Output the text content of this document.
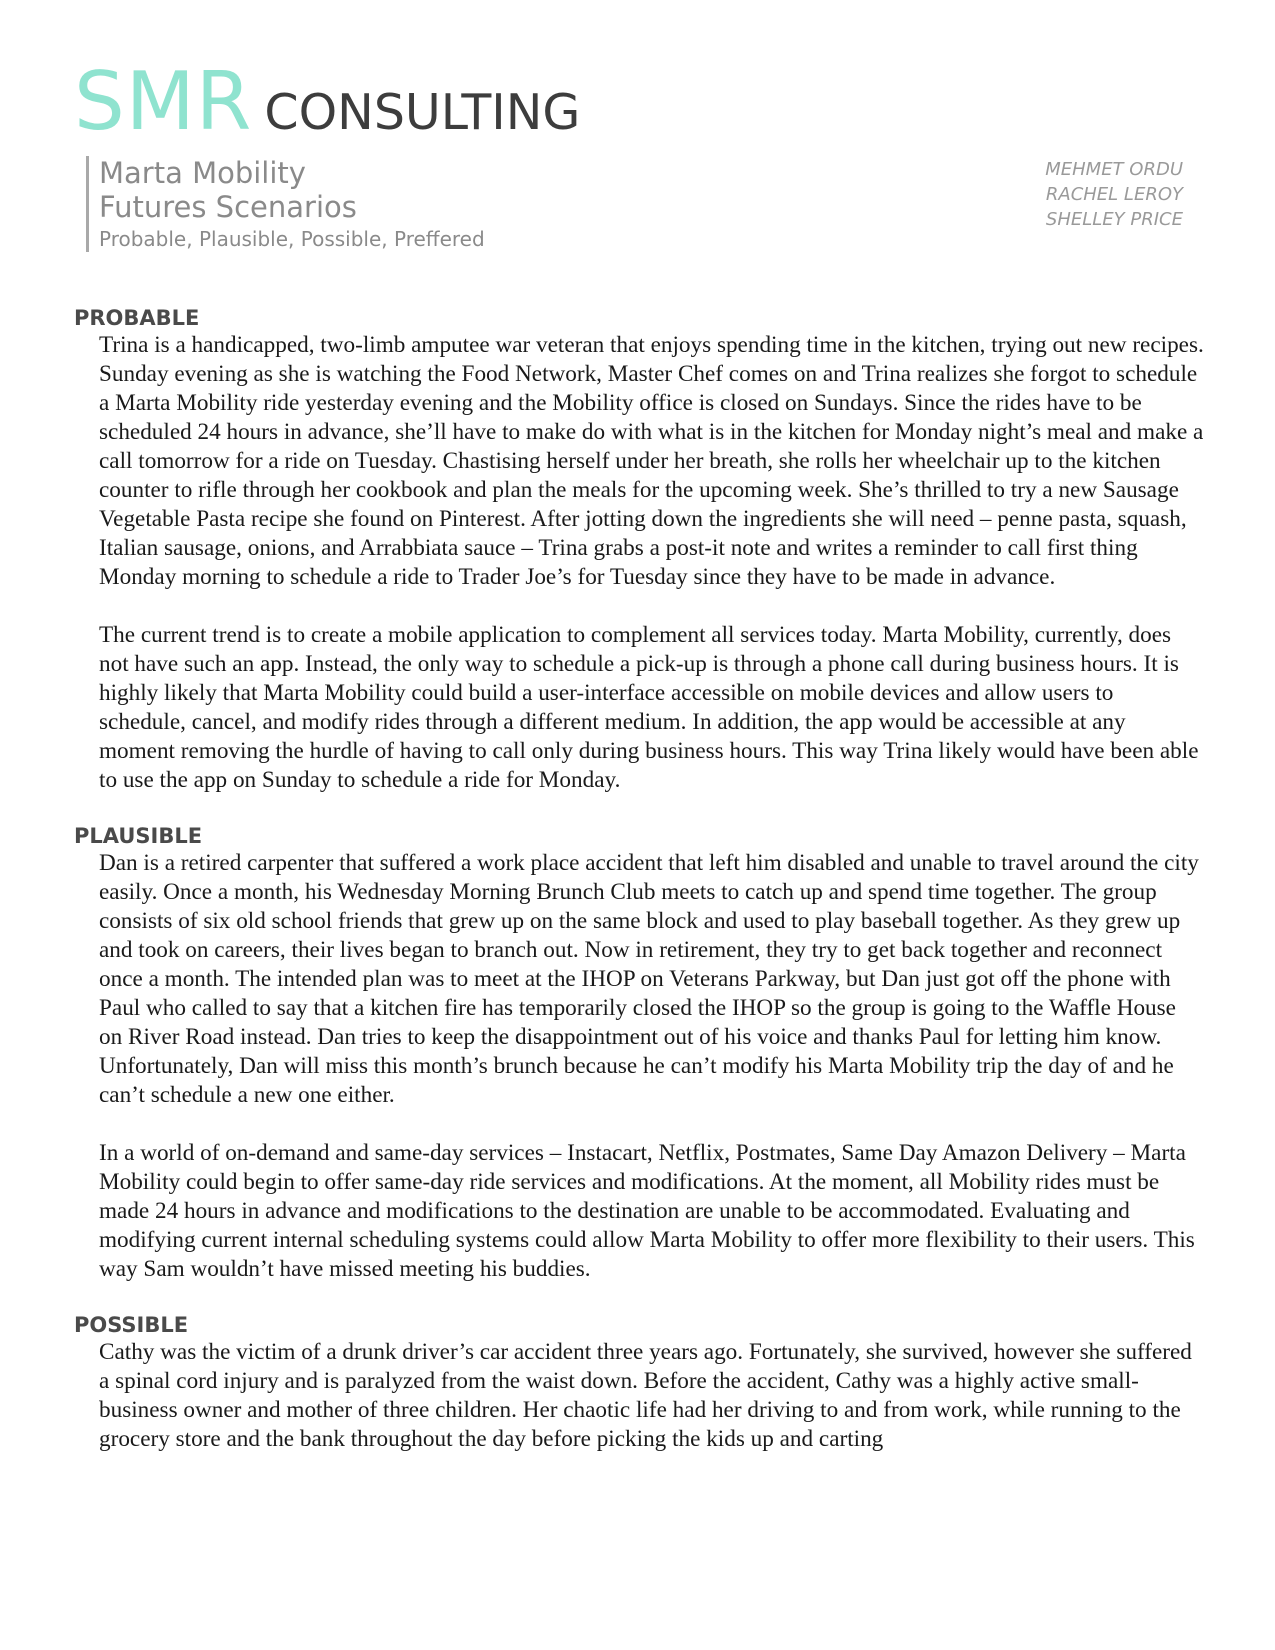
SMR CONSULTING
Marta Mobility
Futures Scenarios
Probable, Plausible, Possible, Preffered
MEHMET ORDU
RACHEL LEROY
SHELLEY PRICE
PROBABLE

Trina is a handicapped, two-limb amputee war veteran that enjoys spending time in the kitchen, trying out new recipes. Sunday evening as she is watching the Food Network, Master Chef comes on and Trina realizes she forgot to schedule a Marta Mobility ride yesterday evening and the Mobility office is closed on Sundays. Since the rides have to be scheduled 24 hours in advance, she’ll have to make do with what is in the kitchen for Monday night’s meal and make a call tomorrow for a ride on Tuesday. Chastising herself under her breath, she rolls her wheelchair up to the kitchen counter to rifle through her cookbook and plan the meals for the upcoming week. She’s thrilled to try a new Sausage Vegetable Pasta recipe she found on Pinterest. After jotting down the ingredients she will need – penne pasta, squash, Italian sausage, onions, and Arrabbiata sauce – Trina grabs a post-it note and writes a reminder to call first thing Monday morning to schedule a ride to Trader Joe’s for Tuesday since they have to be made in advance.

The current trend is to create a mobile application to complement all services today. Marta Mobility, currently, does not have such an app. Instead, the only way to schedule a pick-up is through a phone call during business hours. It is highly likely that Marta Mobility could build a user-interface accessible on mobile devices and allow users to schedule, cancel, and modify rides through a different medium. In addition, the app would be accessible at any moment removing the hurdle of having to call only during business hours. This way Trina likely would have been able to use the app on Sunday to schedule a ride for Monday.

PLAUSIBLE

Dan is a retired carpenter that suffered a work place accident that left him disabled and unable to travel around the city easily. Once a month, his Wednesday Morning Brunch Club meets to catch up and spend time together. The group consists of six old school friends that grew up on the same block and used to play baseball together. As they grew up and took on careers, their lives began to branch out. Now in retirement, they try to get back together and reconnect once a month. The intended plan was to meet at the IHOP on Veterans Parkway, but Dan just got off the phone with Paul who called to say that a kitchen fire has temporarily closed the IHOP so the group is going to the Waffle House on River Road instead. Dan tries to keep the disappointment out of his voice and thanks Paul for letting him know. Unfortunately, Dan will miss this month’s brunch because he can’t modify his Marta Mobility trip the day of and he can’t schedule a new one either.

In a world of on-demand and same-day services – Instacart, Netflix, Postmates, Same Day Amazon Delivery – Marta Mobility could begin to offer same-day ride services and modifications. At the moment, all Mobility rides must be made 24 hours in advance and modifications to the destination are unable to be accommodated. Evaluating and modifying current internal scheduling systems could allow Marta Mobility to offer more flexibility to their users. This way Sam wouldn’t have missed meeting his buddies.

POSSIBLE

Cathy was the victim of a drunk driver’s car accident three years ago. Fortunately, she survived, however she suffered a spinal cord injury and is paralyzed from the waist down. Before the accident, Cathy was a highly active small-business owner and mother of three children. Her chaotic life had her driving to and from work, while running to the grocery store and the bank throughout the day before picking the kids up and carting
